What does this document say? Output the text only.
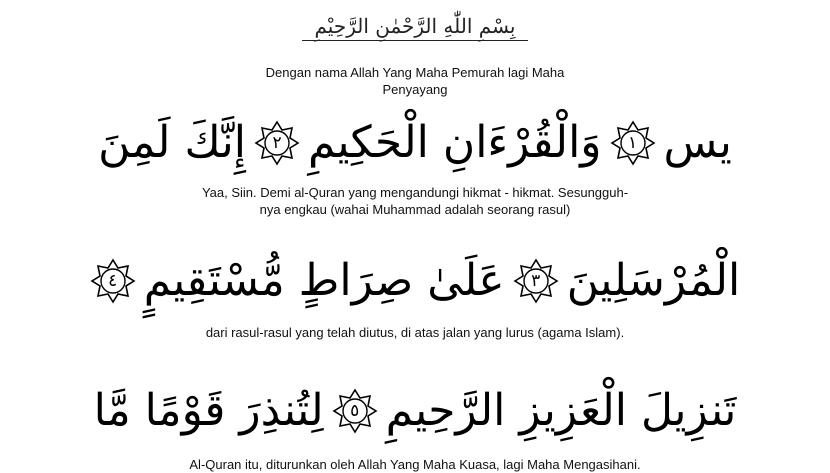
بِسْمِ اللّٰهِ الرَّحْمٰنِ الرَّحِيْمِ
Dengan nama Allah Yang Maha Pemurah lagi Maha
Penyayang
يس
١
وَالْقُرْءَانِ الْحَكِيمِ
٢
إِنَّكَ لَمِنَ
Yaa, Siin. Demi al-Quran yang mengandungi hikmat - hikmat. Sesungguh-
nya engkau (wahai Muhammad adalah seorang rasul)
الْمُرْسَلِينَ
٣
عَلَىٰ صِرَاطٍ مُّسْتَقِيمٍ
٤
dari rasul-rasul yang telah diutus, di atas jalan yang lurus (agama Islam).
تَنزِيلَ الْعَزِيزِ الرَّحِيمِ
٥
لِتُنذِرَ قَوْمًا مَّا
Al-Quran itu, diturunkan oleh Allah Yang Maha Kuasa, lagi Maha Mengasihani.
